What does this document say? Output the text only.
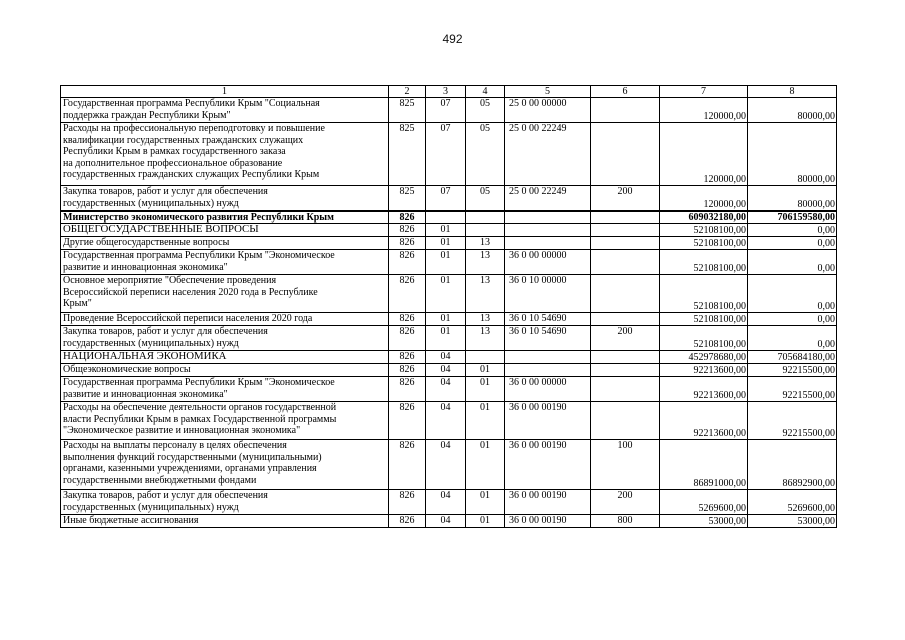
492
1	2	3	4	5	6	7	8
Государственная программа Республики Крым "Социальная
поддержка граждан Республики Крым"	825	07	05	25 0 00 00000		120000,00	80000,00
Расходы на профессиональную переподготовку и повышение
квалификации государственных гражданских служащих
Республики Крым в рамках государственного заказа
на дополнительное профессиональное образование
государственных гражданских служащих Республики Крым	825	07	05	25 0 00 22249		120000,00	80000,00
Закупка товаров, работ и услуг для обеспечения
государственных (муниципальных) нужд	825	07	05	25 0 00 22249	200	120000,00	80000,00
Министерство экономического развития Республики Крым	826					609032180,00	706159580,00
ОБЩЕГОСУДАРСТВЕННЫЕ ВОПРОСЫ	826	01				52108100,00	0,00
Другие общегосударственные вопросы	826	01	13			52108100,00	0,00
Государственная программа Республики Крым "Экономическое
развитие и инновационная экономика"	826	01	13	36 0 00 00000		52108100,00	0,00
Основное мероприятие "Обеспечение проведения
Всероссийской переписи населения 2020 года в Республике
Крым"	826	01	13	36 0 10 00000		52108100,00	0,00
Проведение Всероссийской переписи населения 2020 года	826	01	13	36 0 10 54690		52108100,00	0,00
Закупка товаров, работ и услуг для обеспечения
государственных (муниципальных) нужд	826	01	13	36 0 10 54690	200	52108100,00	0,00
НАЦИОНАЛЬНАЯ ЭКОНОМИКА	826	04				452978680,00	705684180,00
Общеэкономические вопросы	826	04	01			92213600,00	92215500,00
Государственная программа Республики Крым "Экономическое
развитие и инновационная экономика"	826	04	01	36 0 00 00000		92213600,00	92215500,00
Расходы на обеспечение деятельности органов государственной
власти Республики Крым в рамках Государственной программы
"Экономическое развитие и инновационная экономика"	826	04	01	36 0 00 00190		92213600,00	92215500,00
Расходы на выплаты персоналу в целях обеспечения
выполнения функций государственными (муниципальными)
органами, казенными учреждениями, органами управления
государственными внебюджетными фондами	826	04	01	36 0 00 00190	100	86891000,00	86892900,00
Закупка товаров, работ и услуг для обеспечения
государственных (муниципальных) нужд	826	04	01	36 0 00 00190	200	5269600,00	5269600,00
Иные бюджетные ассигнования	826	04	01	36 0 00 00190	800	53000,00	53000,00
